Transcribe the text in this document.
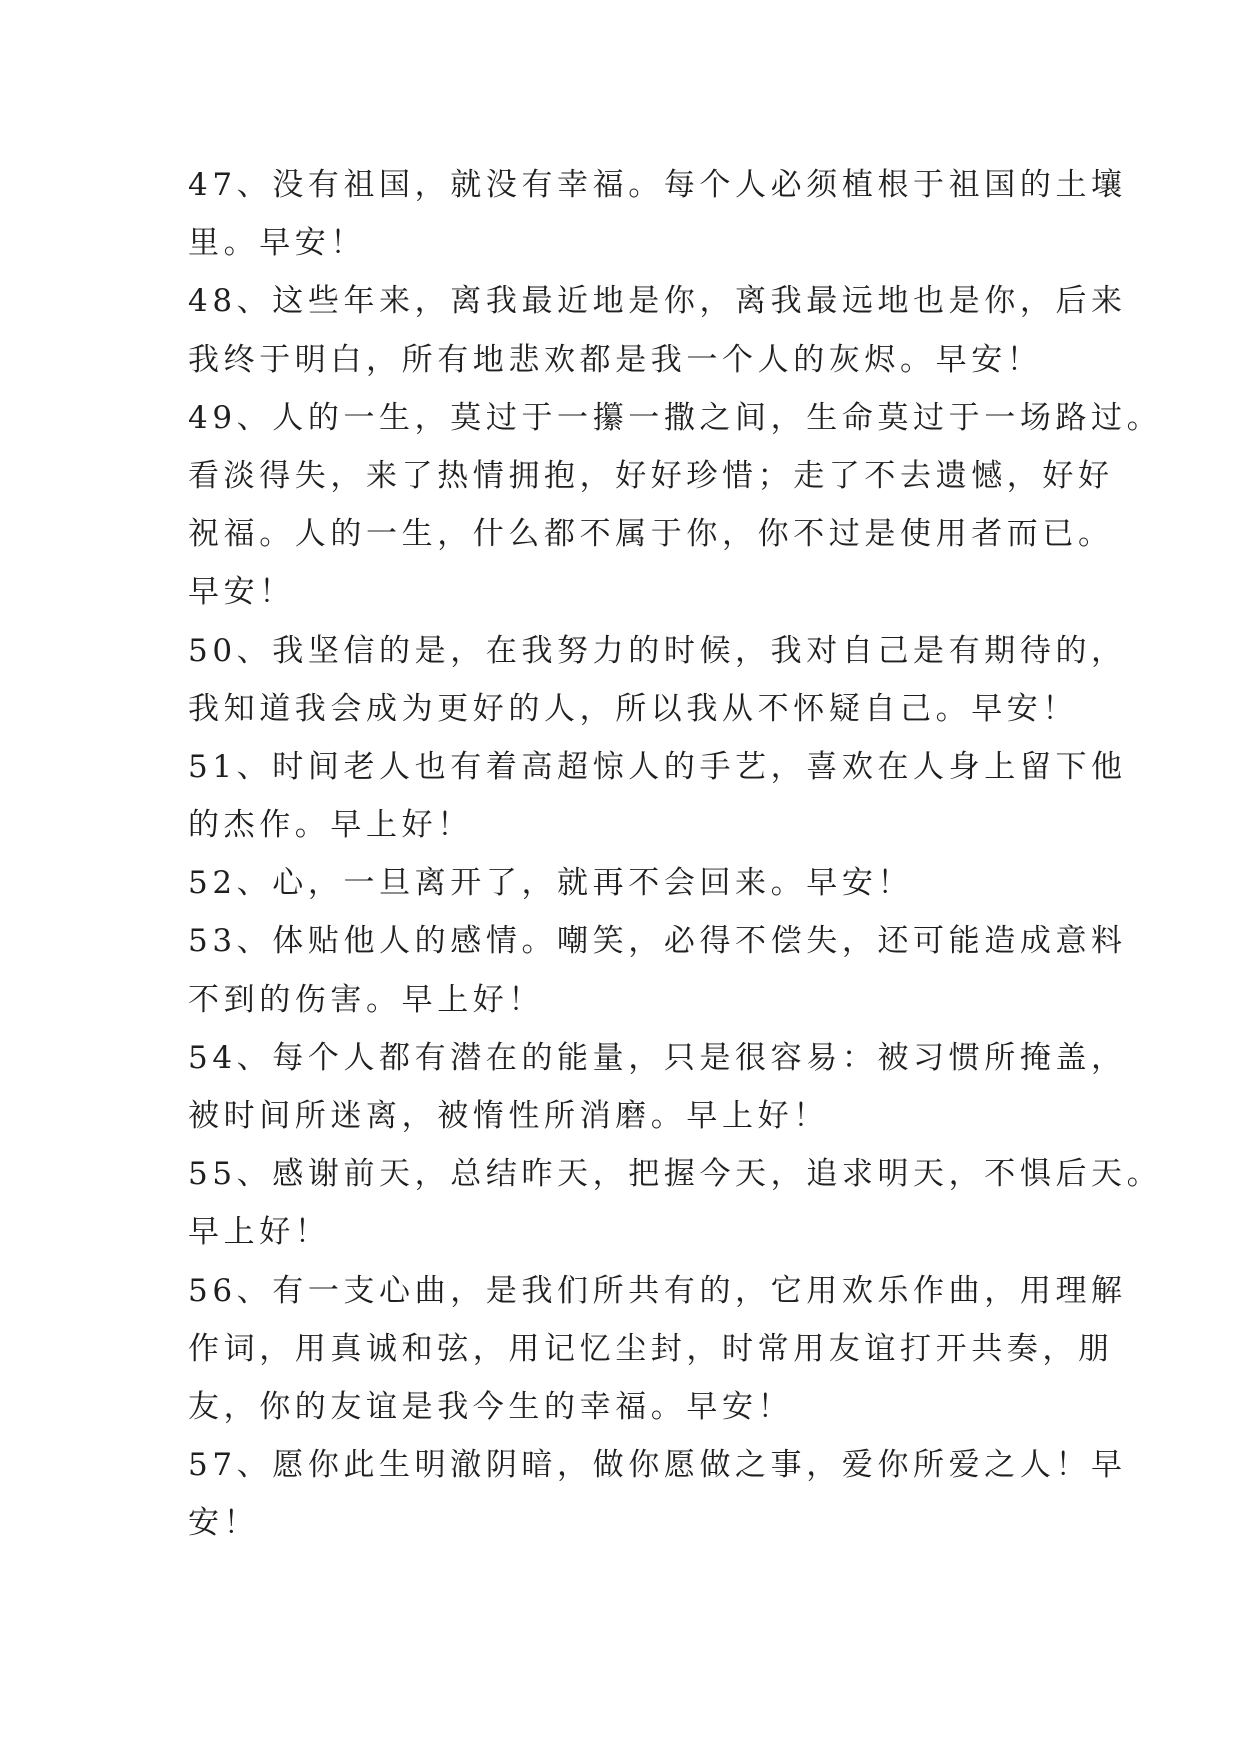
47、没有祖国，就没有幸福。每个人必须植根于祖国的土壤
里。早安！
48、这些年来，离我最近地是你，离我最远地也是你，后来
我终于明白，所有地悲欢都是我一个人的灰烬。早安！
49、人的一生，莫过于一攥一撒之间，生命莫过于一场路过。
看淡得失，来了热情拥抱，好好珍惜；走了不去遗憾，好好
祝福。人的一生，什么都不属于你，你不过是使用者而已。
早安！
50、我坚信的是，在我努力的时候，我对自己是有期待的，
我知道我会成为更好的人，所以我从不怀疑自己。早安！
51、时间老人也有着高超惊人的手艺，喜欢在人身上留下他
的杰作。早上好！
52、心，一旦离开了，就再不会回来。早安！
53、体贴他人的感情。嘲笑，必得不偿失，还可能造成意料
不到的伤害。早上好！
54、每个人都有潜在的能量，只是很容易：被习惯所掩盖，
被时间所迷离，被惰性所消磨。早上好！
55、感谢前天，总结昨天，把握今天，追求明天，不惧后天。
早上好！
56、有一支心曲，是我们所共有的，它用欢乐作曲，用理解
作词，用真诚和弦，用记忆尘封，时常用友谊打开共奏，朋
友，你的友谊是我今生的幸福。早安！
57、愿你此生明澈阴暗，做你愿做之事，爱你所爱之人！早
安！
